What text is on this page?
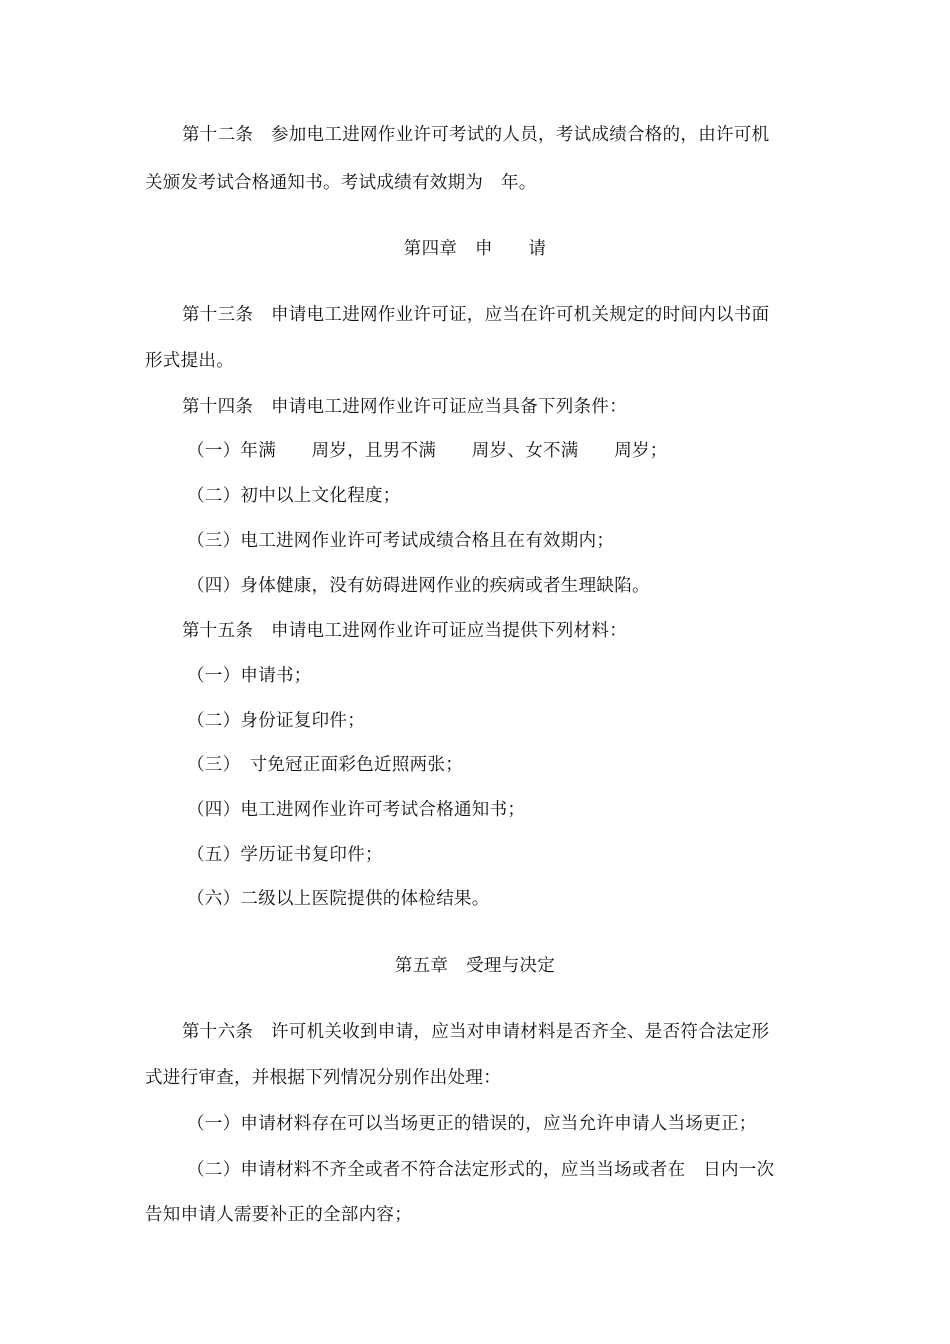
第十二条　参加电工进网作业许可考试的人员，考试成绩合格的，由许可机
关颁发考试合格通知书。考试成绩有效期为　年。
第四章　申　　请
第十三条　申请电工进网作业许可证，应当在许可机关规定的时间内以书面
形式提出。
第十四条　申请电工进网作业许可证应当具备下列条件：
（一）年满　　周岁，且男不满　　周岁、女不满　　周岁；
（二）初中以上文化程度；
（三）电工进网作业许可考试成绩合格且在有效期内；
（四）身体健康，没有妨碍进网作业的疾病或者生理缺陷。
第十五条　申请电工进网作业许可证应当提供下列材料：
（一）申请书；
（二）身份证复印件；
（三）　寸免冠正面彩色近照两张；
（四）电工进网作业许可考试合格通知书；
（五）学历证书复印件；
（六）二级以上医院提供的体检结果。
第五章　受理与决定
第十六条　许可机关收到申请，应当对申请材料是否齐全、是否符合法定形
式进行审查，并根据下列情况分别作出处理：
（一）申请材料存在可以当场更正的错误的，应当允许申请人当场更正；
（二）申请材料不齐全或者不符合法定形式的，应当当场或者在　日内一次
告知申请人需要补正的全部内容；
